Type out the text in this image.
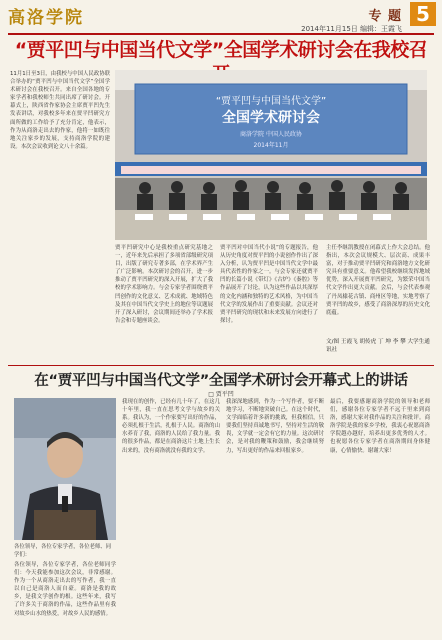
高洛学院	专 题 5
2014年11月15日 编辑：王霞飞
“贾平凹与中国当代文学”全国学术研讨会在我校召
11月1日至3日，由我校与中国人民政协联合举办的“贾平凹与中国当代文学”全国学术研讨会在我校召开。来自全国各地的专家学者和我校师生共同出席了研讨会。开幕式上，陕西省作家协会主席贾平凹先生发表讲话，对我校多年来在贾平凹研究方面所做的工作给予了充分肯定，他表示，作为从商洛走出去的作家，他将一如既往地关注家乡的发展，支持商洛学院的建设。本次会议收到论文八十余篇。
“贾平凹与中国当代文学”
全国学术研讨会
商洛学院 中国人民政协
2014年11月
贾平凹研究中心是我校重点研究基地之一，近年来先后承担了多项省部级研究项目，出版了研究专著多部，在学术界产生了广泛影响。本次研讨会的召开，进一步推动了贾平凹研究的深入开展，扩大了我校的学术影响力。与会专家学者围绕贾平凹创作的文化意义、艺术成就、地域特色及其在中国当代文学史上的地位等议题展开了深入研讨，会议期间还举办了学术报告会和专题座谈会。
贾平凹对中国当代小说”的专题报告，他从历史角度对贾平凹的小说创作作出了深入分析，认为贾平凹是中国当代文学中最具代表性的作家之一。与会专家还就贾平凹的长篇小说《带灯》《古炉》《秦腔》等作品展开了讨论，认为这些作品以其深厚的文化内涵和独特的艺术风格，为中国当代文学的发展作出了重要贡献。会议还对贾平凹研究的现状和未来发展方向进行了探讨。
主任李继凯教授在闭幕式上作大会总结。他指出，本次会议规模大、层次高、成果丰富，对于推动贾平凹研究和商洛地方文化研究具有重要意义。他希望我校继续发挥地域优势，深入开展贾平凹研究，为繁荣中国当代文学作出更大贡献。会后，与会代表参观了丹凤棣花古镇、商州区等地，实地考察了贾平凹的故乡，感受了商洛深厚的历史文化底蕴。
文/图 王霞飞 胡传虎 丁 坤 李 攀 大学生通讯社
在“贾平凹与中国当代文学”全国学术研讨会开幕式上的讲话
□ 贾平凹
各位领导，各位专家学者，各位老师、同学们：
各位领导，各位专家学者，各位老师同学们：今天我能参加这次会议，非常感谢。作为一个从商洛走出去的写作者，我一直以自己是商洛人而自豪。商洛是我的故乡，是我文学创作的根。这些年来，我写了许多关于商洛的作品，这些作品里有我对故乡山水的热爱，对故乡人民的感情。
我现在的创作，已经有几十年了，在这几十年里，我一直在思考文学与故乡的关系。我认为，一个作家要写出好的作品，必须扎根于生活，扎根于人民。商洛的山水养育了我，商洛的人民给了我力量。我的很多作品，都是在商洛这片土地上生长出来的，没有商洛就没有我的文学。
我深深地感到，作为一个写作者，要不断地学习，不断地突破自己。在这个时代，文学面临着许多新的挑战，但我相信，只要我们坚持真诚地书写，坚持对生活的敬畏，文学就一定会有它的力量。这次研讨会，是对我的鞭策和鼓励，我会继续努力，写出更好的作品来回报家乡。
最后，我要感谢商洛学院的领导和老师们，感谢各位专家学者不远千里来到商洛，感谢大家对我作品的关注和批评。商洛学院是我的家乡学校，我衷心祝愿商洛学院越办越好，培养出更多优秀的人才。也祝愿各位专家学者在商洛期间身体健康，心情愉快。谢谢大家！
